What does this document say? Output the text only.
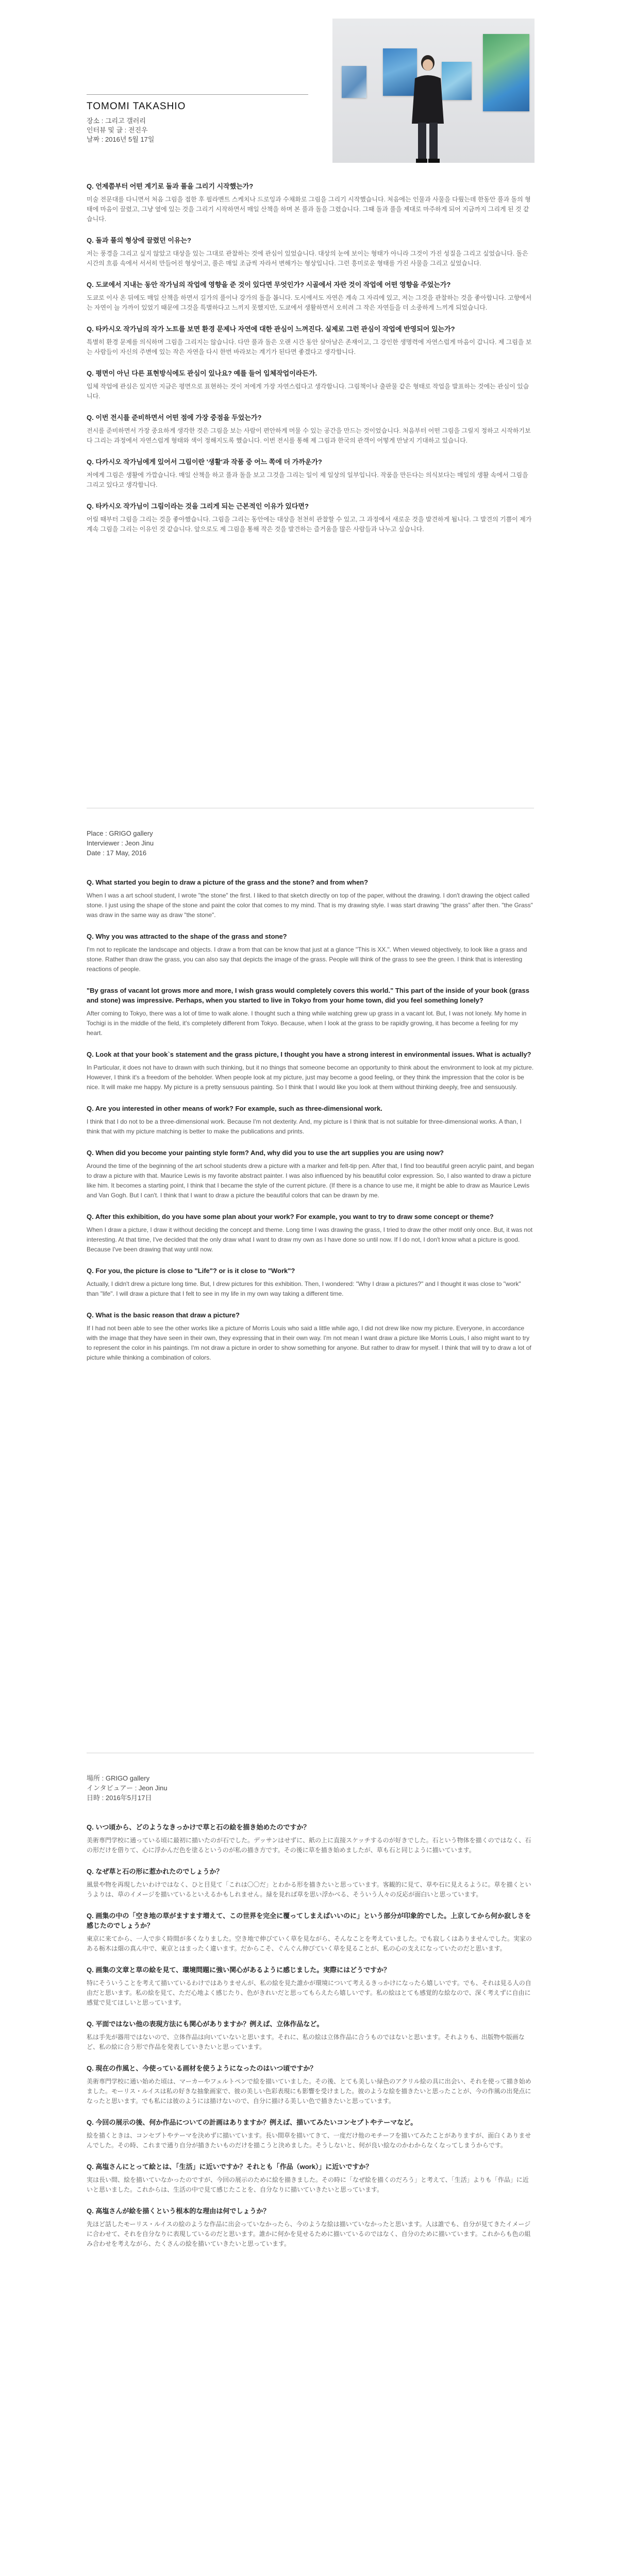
TOMOMI TAKASHIO
장소 : 그리고 갤러리
인터뷰 및 글 : 전진우
날짜 : 2016년 5월 17일

Q. 언제쯤부터 어떤 계기로 돌과 풀을 그리기 시작했는가?

미술 전문대를 다니면서 처음 그림을 접한 후 필라멘트 스케치나 드로잉과 수채화로 그림을 그리기 시작했습니다. 처음에는 인물과 사물을 다뤘는데 한동안 풀과 돌의 형태에 마음이 끌렸고, 그냥 옆에 있는 것을 그리기 시작하면서 매일 산책을 하며 본 풀과 돌을 그렸습니다. 그때 돌과 풀을 제대로 마주하게 되어 지금까지 그리게 된 것 같습니다.

Q. 돌과 풀의 형상에 끌렸던 이유는?

저는 풍경을 그리고 싶지 않았고 대상을 있는 그대로 관찰하는 것에 관심이 있었습니다. 대상의 눈에 보이는 형태가 아니라 그것이 가진 성질을 그리고 싶었습니다. 돌은 시간의 흐름 속에서 서서히 만들어진 형상이고, 풀은 매일 조금씩 자라서 변해가는 형상입니다. 그런 흥미로운 형태를 가진 사물을 그리고 싶었습니다.

Q. 도쿄에서 지내는 동안 작가님의 작업에 영향을 준 것이 있다면 무엇인가? 시골에서 자란 것이 작업에 어떤 영향을 주었는가?

도쿄로 이사 온 뒤에도 매일 산책을 하면서 길가의 풀이나 강가의 돌을 봅니다. 도시에서도 자연은 계속 그 자리에 있고, 저는 그것을 관찰하는 것을 좋아합니다. 고향에서는 자연이 늘 가까이 있었기 때문에 그것을 특별하다고 느끼지 못했지만, 도쿄에서 생활하면서 오히려 그 작은 자연들을 더 소중하게 느끼게 되었습니다.

Q. 타카시오 작가님의 작가 노트를 보면 환경 문제나 자연에 대한 관심이 느껴진다. 실제로 그런 관심이 작업에 반영되어 있는가?

특별히 환경 문제를 의식하며 그림을 그리지는 않습니다. 다만 풀과 돌은 오랜 시간 동안 살아남은 존재이고, 그 강인한 생명력에 자연스럽게 마음이 갑니다. 제 그림을 보는 사람들이 자신의 주변에 있는 작은 자연을 다시 한번 바라보는 계기가 된다면 좋겠다고 생각합니다.

Q. 평면이 아닌 다른 표현방식에도 관심이 있나요? 예를 들어 입체작업이라든가.

입체 작업에 관심은 있지만 지금은 평면으로 표현하는 것이 저에게 가장 자연스럽다고 생각합니다. 그림책이나 출판물 같은 형태로 작업을 발표하는 것에는 관심이 있습니다.

Q. 이번 전시를 준비하면서 어떤 점에 가장 중점을 두었는가?

전시를 준비하면서 가장 중요하게 생각한 것은 그림을 보는 사람이 편안하게 머물 수 있는 공간을 만드는 것이었습니다. 처음부터 어떤 그림을 그릴지 정하고 시작하기보다 그리는 과정에서 자연스럽게 형태와 색이 정해지도록 했습니다. 이번 전시를 통해 제 그림과 한국의 관객이 어떻게 만날지 기대하고 있습니다.

Q. 다카시오 작가님에게 있어서 그림이란 '생활'과 작품 중 어느 쪽에 더 가까운가?

저에게 그림은 생활에 가깝습니다. 매일 산책을 하고 풀과 돌을 보고 그것을 그리는 일이 제 일상의 일부입니다. 작품을 만든다는 의식보다는 매일의 생활 속에서 그림을 그리고 있다고 생각합니다.

Q. 타카시오 작가님이 그림이라는 것을 그리게 되는 근본적인 이유가 있다면?

어릴 때부터 그림을 그리는 것을 좋아했습니다. 그림을 그리는 동안에는 대상을 천천히 관찰할 수 있고, 그 과정에서 새로운 것을 발견하게 됩니다. 그 발견의 기쁨이 제가 계속 그림을 그리는 이유인 것 같습니다. 앞으로도 제 그림을 통해 작은 것을 발견하는 즐거움을 많은 사람들과 나누고 싶습니다.

Place : GRIGO gallery
Interviewer : Jeon Jinu
Date : 17 May, 2016

Q. What started you begin to draw a picture of the grass and the stone? and from when?

When I was a art school student, I wrote "the stone" the first. I liked to that sketch directly on top of the paper, without the drawing. I don't drawing the object called stone. I just using the shape of the stone and paint the color that comes to my mind. That is my drawing style. I was start drawing "the grass" after then. "the Grass" was draw in the same way as draw "the stone".

Q. Why you was attracted to the shape of the grass and stone?

I'm not to replicate the landscape and objects. I draw a from that can be know that just at a glance "This is XX.". When viewed objectively, to look like a grass and stone. Rather than draw the grass, you can also say that depicts the image of the grass. People will think of the grass to see the green. I think that is interesting reactions of people.

"By grass of vacant lot grows more and more, I wish grass would completely covers this world." This part of the inside of your book (grass and stone) was impressive. Perhaps, when you started to live in Tokyo from your home town, did you feel something lonely?

After coming to Tokyo, there was a lot of time to walk alone. I thought such a thing while watching grew up grass in a vacant lot. But, I was not lonely. My home in Tochigi is in the middle of the field, it's completely different from Tokyo. Because, when I look at the grass to be rapidly growing, it has become a feeling for my heart.

Q. Look at that your book`s statement and the grass picture, I thought you have a strong interest in environmental issues. What is actually?

In Particular, it does not have to drawn with such thinking, but it no things that someone become an opportunity to think about the environment to look at my picture. However, I think it's a freedom of the beholder. When people look at my picture, just may become a good feeling, or they think the impression that the color is be nice. It will make me happy. My picture is a pretty sensuous painting. So I think that I would like you look at them without thinking deeply, free and sensuously.

Q. Are you interested in other means of work? For example, such as three-dimensional work.

I think that I do not to be a three-dimensional work. Because I'm not dexterity. And, my picture is I think that is not suitable for three-dimensional works. A than, I think that with my picture matching is better to make the publications and prints.

Q. When did you become your painting style form? And, why did you to use the art supplies you are using now?

Around the time of the beginning of the art school students drew a picture with a marker and felt-tip pen. After that, I find too beautiful green acrylic paint, and began to draw a picture with that. Maurice Lewis is my favorite abstract painter. I was also influenced by his beautiful color expression. So, I also wanted to draw a picture like him. It becomes a starting point, I think that I became the style of the current picture. (If there is a chance to use me, it might be able to draw as Maurice Lewis and Van Gogh. But I can't. I think that I want to draw a picture the beautiful colors that can be drawn by me.

Q. After this exhibition, do you have some plan about your work? For example, you want to try to draw some concept or theme?

When I draw a picture, I draw it without deciding the concept and theme. Long time I was drawing the grass, I tried to draw the other motif only once. But, it was not interesting. At that time, I've decided that the only draw what I want to draw my own as I have done so until now. If I do not, I don't know what a picture is good. Because I've been drawing that way until now.

Q. For you, the picture is close to "Life"? or is it close to "Work"?

Actually, I didn't drew a picture long time. But, I drew pictures for this exhibition. Then, I wondered: "Why I draw a pictures?" and I thought it was close to "work" than "life". I will draw a picture that I felt to see in my life in my own way taking a different time.

Q. What is the basic reason that draw a picture?

If I had not been able to see the other works like a picture of Morris Louis who said a little while ago, I did not drew like now my picture. Everyone, in accordance with the image that they have seen in their own, they expressing that in their own way. I'm not mean I want draw a picture like Morris Louis, I also might want to try to represent the color in his paintings. I'm not draw a picture in order to show something for anyone. But rather to draw for myself. I think that will try to draw a lot of picture while thinking a combination of colors.

場所 : GRIGO gallery
インタビュアー : Jeon Jinu
日時 : 2016年5月17日

Q. いつ頃から、どのようなきっかけで草と石の絵を描き始めたのですか？

美術専門学校に通っている頃に最初に描いたのが石でした。デッサンはせずに、紙の上に直接スケッチするのが好きでした。石という物体を描くのではなく、石の形だけを借りて、心に浮かんだ色を塗るというのが私の描き方です。その後に草を描き始めましたが、草も石と同じように描いています。

Q. なぜ草と石の形に惹かれたのでしょうか？

風景や物を再現したいわけではなく、ひと目見て「これは〇〇だ」とわかる形を描きたいと思っています。客観的に見て、草や石に見えるように。草を描くというよりは、草のイメージを描いているといえるかもしれません。緑を見れば草を思い浮かべる、そういう人々の反応が面白いと思っています。

Q. 画集の中の「空き地の草がますます増えて、この世界を完全に覆ってしまえばいいのに」という部分が印象的でした。上京してから何か寂しさを感じたのでしょうか？

東京に来てから、一人で歩く時間が多くなりました。空き地で伸びていく草を見ながら、そんなことを考えていました。でも寂しくはありませんでした。実家のある栃木は畑の真ん中で、東京とはまったく違います。だからこそ、ぐんぐん伸びていく草を見ることが、私の心の支えになっていたのだと思います。

Q. 画集の文章と草の絵を見て、環境問題に強い関心があるように感じました。実際にはどうですか？

特にそういうことを考えて描いているわけではありませんが、私の絵を見た誰かが環境について考えるきっかけになったら嬉しいです。でも、それは見る人の自由だと思います。私の絵を見て、ただ心地よく感じたり、色がきれいだと思ってもらえたら嬉しいです。私の絵はとても感覚的な絵なので、深く考えずに自由に感覚で見てほしいと思っています。

Q. 平面ではない他の表現方法にも関心がありますか？例えば、立体作品など。

私は手先が器用ではないので、立体作品は向いていないと思います。それに、私の絵は立体作品に合うものではないと思います。それよりも、出版物や版画など、私の絵に合う形で作品を発表していきたいと思っています。

Q. 現在の作風と、今使っている画材を使うようになったのはいつ頃ですか？

美術専門学校に通い始めた頃は、マーカーやフェルトペンで絵を描いていました。その後、とても美しい緑色のアクリル絵の具に出会い、それを使って描き始めました。モーリス・ルイスは私の好きな抽象画家で、彼の美しい色彩表現にも影響を受けました。彼のような絵を描きたいと思ったことが、今の作風の出発点になったと思います。でも私には彼のようには描けないので、自分に描ける美しい色で描きたいと思っています。

Q. 今回の展示の後、何か作品についての計画はありますか？例えば、描いてみたいコンセプトやテーマなど。

絵を描くときは、コンセプトやテーマを決めずに描いています。長い間草を描いてきて、一度だけ他のモチーフを描いてみたことがありますが、面白くありませんでした。その時、これまで通り自分が描きたいものだけを描こうと決めました。そうしないと、何が良い絵なのかわからなくなってしまうからです。

Q. 高塩さんにとって絵とは、「生活」に近いですか？それとも「作品（work）」に近いですか？

実は長い間、絵を描いていなかったのですが、今回の展示のために絵を描きました。その時に「なぜ絵を描くのだろう」と考えて、「生活」よりも「作品」に近いと思いました。これからは、生活の中で見て感じたことを、自分なりに描いていきたいと思っています。

Q. 高塩さんが絵を描くという根本的な理由は何でしょうか？

先ほど話したモーリス・ルイスの絵のような作品に出会っていなかったら、今のような絵は描いていなかったと思います。人は誰でも、自分が見てきたイメージに合わせて、それを自分なりに表現しているのだと思います。誰かに何かを見せるために描いているのではなく、自分のために描いています。これからも色の組み合わせを考えながら、たくさんの絵を描いていきたいと思っています。
